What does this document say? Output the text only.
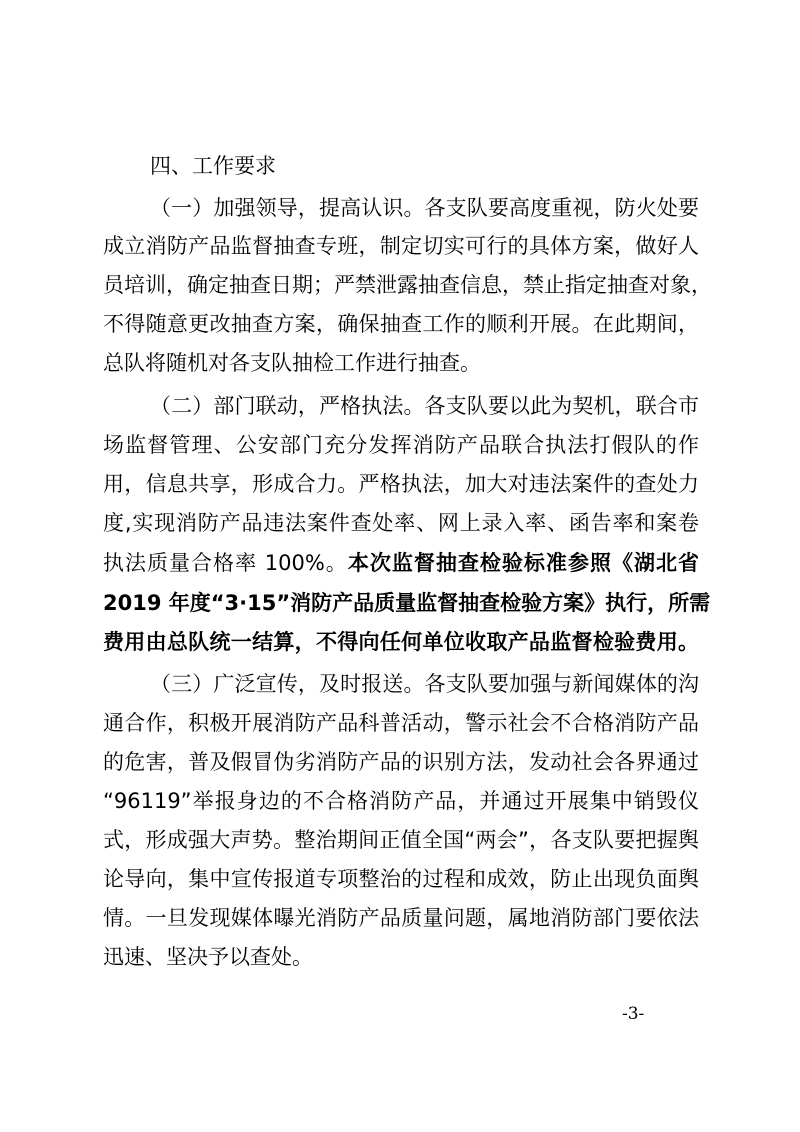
四、工作要求

（一）加强领导，提高认识。各支队要高度重视，防火处要

成立消防产品监督抽查专班，制定切实可行的具体方案，做好人

员培训，确定抽查日期；严禁泄露抽查信息，禁止指定抽查对象，

不得随意更改抽查方案，确保抽查工作的顺利开展。在此期间，

总队将随机对各支队抽检工作进行抽查。

（二）部门联动，严格执法。各支队要以此为契机，联合市

场监督管理、公安部门充分发挥消防产品联合执法打假队的作

用，信息共享，形成合力。严格执法，加大对违法案件的查处力

度,实现消防产品违法案件查处率、网上录入率、函告率和案卷

执法质量合格率 100%。本次监督抽查检验标准参照《湖北省

2019 年度“3·15”消防产品质量监督抽查检验方案》执行，所需

费用由总队统一结算，不得向任何单位收取产品监督检验费用。

（三）广泛宣传，及时报送。各支队要加强与新闻媒体的沟

通合作，积极开展消防产品科普活动，警示社会不合格消防产品

的危害，普及假冒伪劣消防产品的识别方法，发动社会各界通过

“96119”举报身边的不合格消防产品，并通过开展集中销毁仪

式，形成强大声势。整治期间正值全国“两会”，各支队要把握舆

论导向，集中宣传报道专项整治的过程和成效，防止出现负面舆

情。一旦发现媒体曝光消防产品质量问题，属地消防部门要依法

迅速、坚决予以查处。

-3-
